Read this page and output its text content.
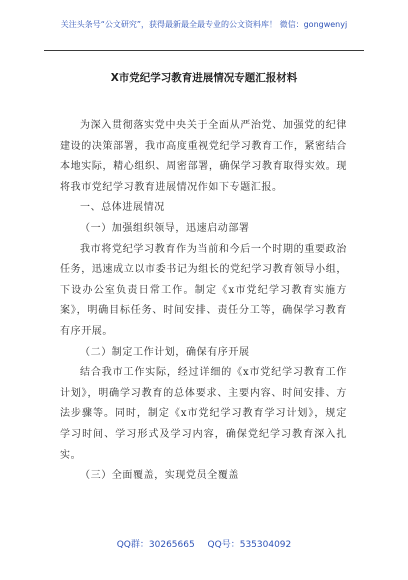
关注头条号“公文研究”，获得最新最全最专业的公文资料库！ 微信：gongwenyj
X市党纪学习教育进展情况专题汇报材料

为深入贯彻落实党中央关于全面从严治党、加强党的纪律建设的决策部署，我市高度重视党纪学习教育工作，紧密结合本地实际，精心组织、周密部署，确保学习教育取得实效。现将我市党纪学习教育进展情况作如下专题汇报。

一、总体进展情况

（一）加强组织领导，迅速启动部署

我市将党纪学习教育作为当前和今后一个时期的重要政治任务，迅速成立以市委书记为组长的党纪学习教育领导小组，下设办公室负责日常工作。制定《x市党纪学习教育实施方案》，明确目标任务、时间安排、责任分工等，确保学习教育有序开展。

（二）制定工作计划，确保有序开展

结合我市工作实际，经过详细的《x市党纪学习教育工作计划》，明确学习教育的总体要求、主要内容、时间安排、方法步骤等。同时，制定《x市党纪学习教育学习计划》，规定学习时间、学习形式及学习内容，确保党纪学习教育深入扎实。

（三）全面覆盖，实现党员全覆盖

QQ群：30265665 QQ号：535304092
